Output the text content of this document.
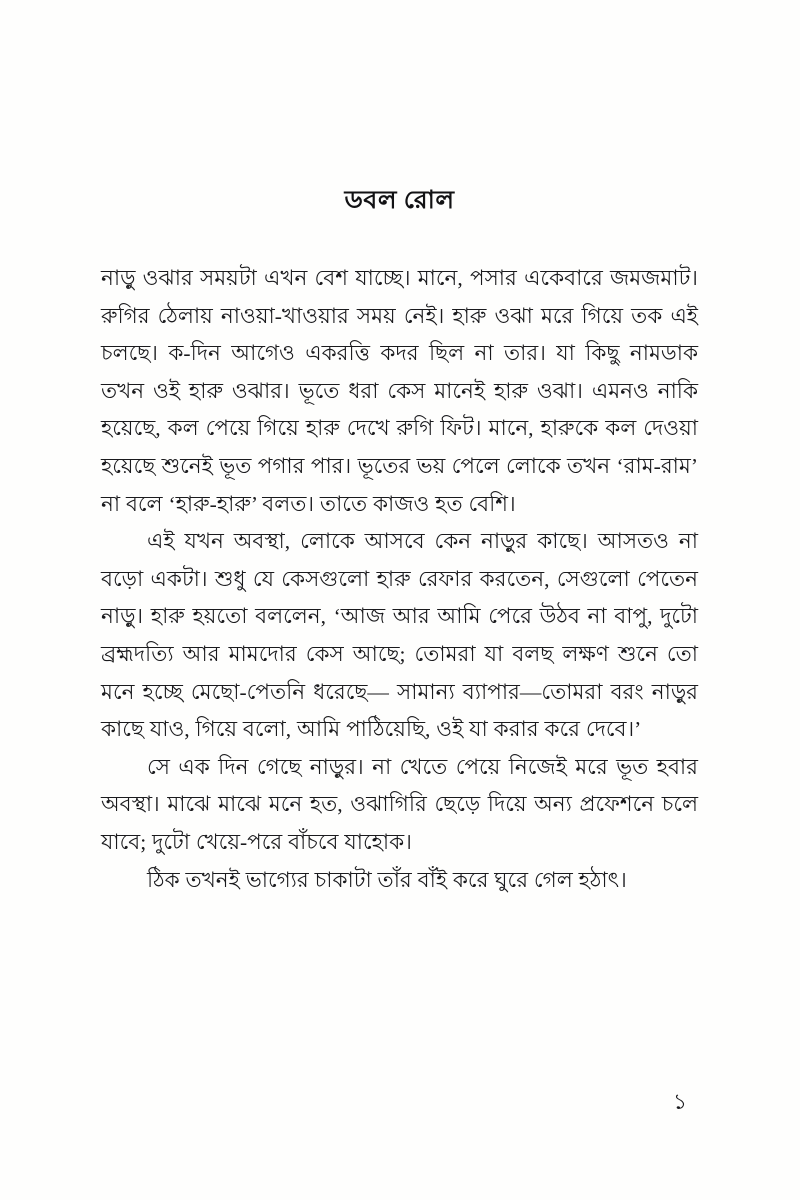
ডবল রোল

নাড়ু ওঝার সময়টা এখন বেশ যাচ্ছে। মানে, পসার একেবারে জমজমাট। রুগির ঠেলায় নাওয়া-খাওয়ার সময় নেই। হারু ওঝা মরে গিয়ে তক এই চলছে। ক-দিন আগেও একরত্তি কদর ছিল না তার। যা কিছু নামডাক তখন ওই হারু ওঝার। ভূতে ধরা কেস মানেই হারু ওঝা। এমনও নাকি হয়েছে, কল পেয়ে গিয়ে হারু দেখে রুগি ফিট। মানে, হারুকে কল দেওয়া হয়েছে শুনেই ভূত পগার পার। ভূতের ভয় পেলে লোকে তখন ‘রাম-রাম’ না বলে ‘হারু-হারু’ বলত। তাতে কাজও হত বেশি।

এই যখন অবস্থা, লোকে আসবে কেন নাড়ুর কাছে। আসতও না বড়ো একটা। শুধু যে কেসগুলো হারু রেফার করতেন, সেগুলো পেতেন নাড়ু। হারু হয়তো বললেন, ‘আজ আর আমি পেরে উঠব না বাপু, দুটো ব্রহ্মদত্যি আর মামদোর কেস আছে; তোমরা যা বলছ লক্ষণ শুনে তো মনে হচ্ছে মেছো-পেতনি ধরেছে— সামান্য ব্যাপার—তোমরা বরং নাড়ুর কাছে যাও, গিয়ে বলো, আমি পাঠিয়েছি, ওই যা করার করে দেবে।’

সে এক দিন গেছে নাড়ুর। না খেতে পেয়ে নিজেই মরে ভূত হবার অবস্থা। মাঝে মাঝে মনে হত, ওঝাগিরি ছেড়ে দিয়ে অন্য প্রফেশনে চলে যাবে; দুটো খেয়ে-পরে বাঁচবে যাহোক।

ঠিক তখনই ভাগ্যের চাকাটা তাঁর বাঁই করে ঘুরে গেল হঠাৎ।

১
